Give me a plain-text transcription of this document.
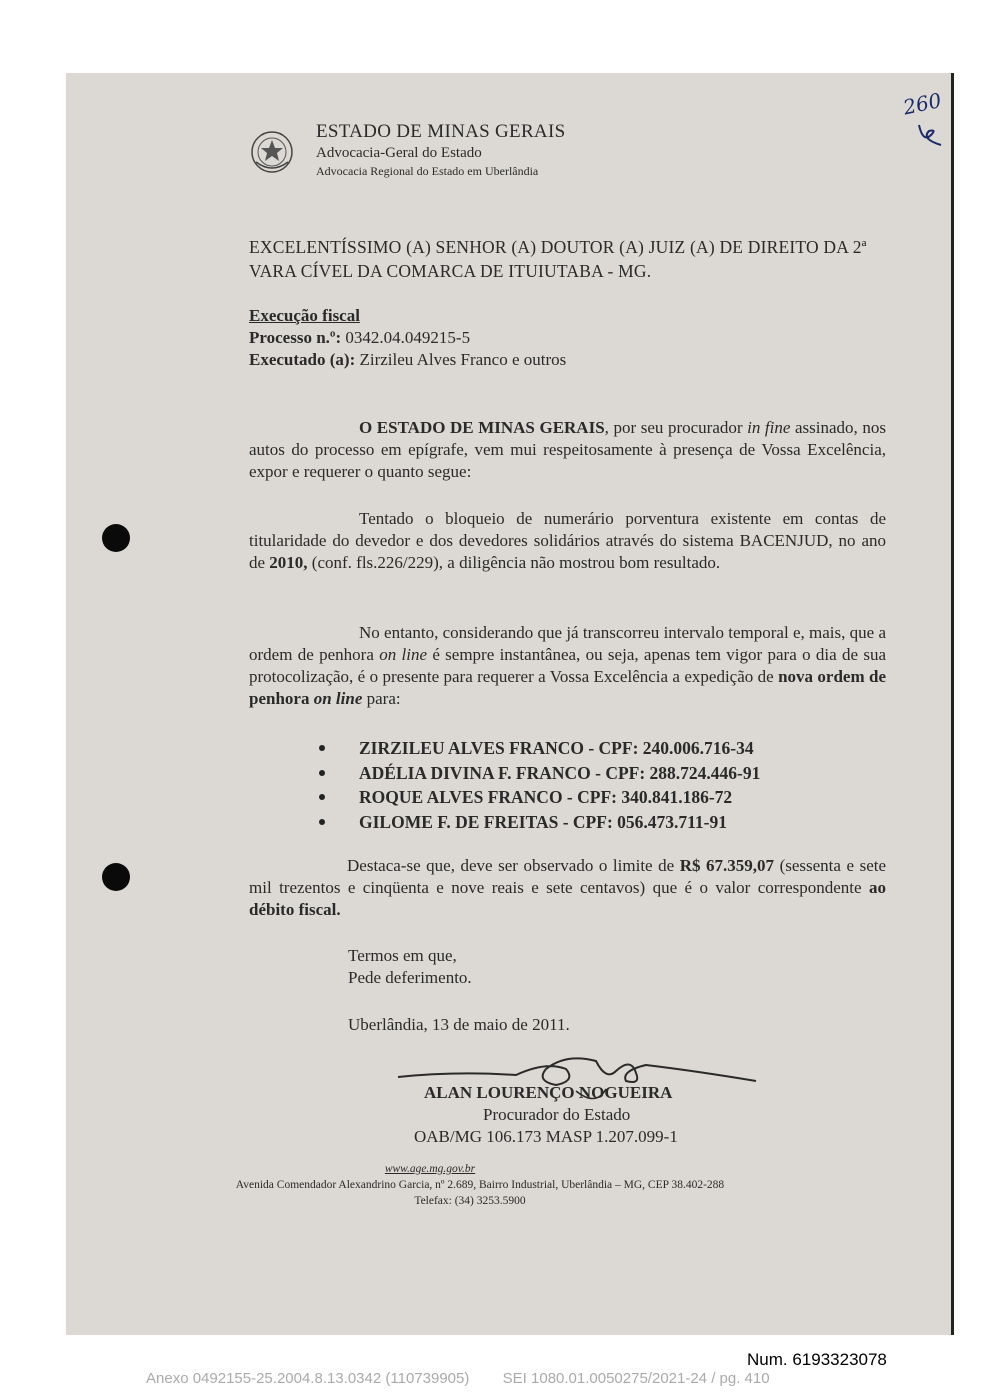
ESTADO DE MINAS GERAIS
Advocacia-Geral do Estado
Advocacia Regional do Estado em Uberlândia
260
EXCELENTÍSSIMO (A) SENHOR (A) DOUTOR (A) JUIZ (A) DE DIREITO DA 2ª VARA CÍVEL DA COMARCA DE ITUIUTABA - MG.
Execução fiscal
Processo n.º: 0342.04.049215-5
Executado (a): Zirzileu Alves Franco e outros
O ESTADO DE MINAS GERAIS, por seu procurador in fine assinado, nos autos do processo em epígrafe, vem mui respeitosamente à presença de Vossa Excelência, expor e requerer o quanto segue:
Tentado o bloqueio de numerário porventura existente em contas de titularidade do devedor e dos devedores solidários através do sistema BACENJUD, no ano de 2010, (conf. fls.226/229), a diligência não mostrou bom resultado.
No entanto, considerando que já transcorreu intervalo temporal e, mais, que a ordem de penhora on line é sempre instantânea, ou seja, apenas tem vigor para o dia de sua protocolização, é o presente para requerer a Vossa Excelência a expedição de nova ordem de penhora on line para:
ZIRZILEU ALVES FRANCO - CPF: 240.006.716-34
ADÉLIA DIVINA F. FRANCO - CPF: 288.724.446-91
ROQUE ALVES FRANCO - CPF: 340.841.186-72
GILOME F. DE FREITAS - CPF: 056.473.711-91
Destaca-se que, deve ser observado o limite de R$ 67.359,07 (sessenta e sete mil trezentos e cinqüenta e nove reais e sete centavos) que é o valor correspondente ao débito fiscal.
Termos em que,
Pede deferimento.
Uberlândia, 13 de maio de 2011.
ALAN LOURENÇO NOGUEIRA
Procurador do Estado
OAB/MG 106.173 MASP 1.207.099-1
www.age.mg.gov.br
Avenida Comendador Alexandrino Garcia, nº 2.689, Bairro Industrial, Uberlândia – MG, CEP 38.402-288
Telefax: (34) 3253.5900
Num. 6193323078
Anexo 0492155-25.2004.8.13.0342 (110739905)        SEI 1080.01.0050275/2021-24 / pg. 410
